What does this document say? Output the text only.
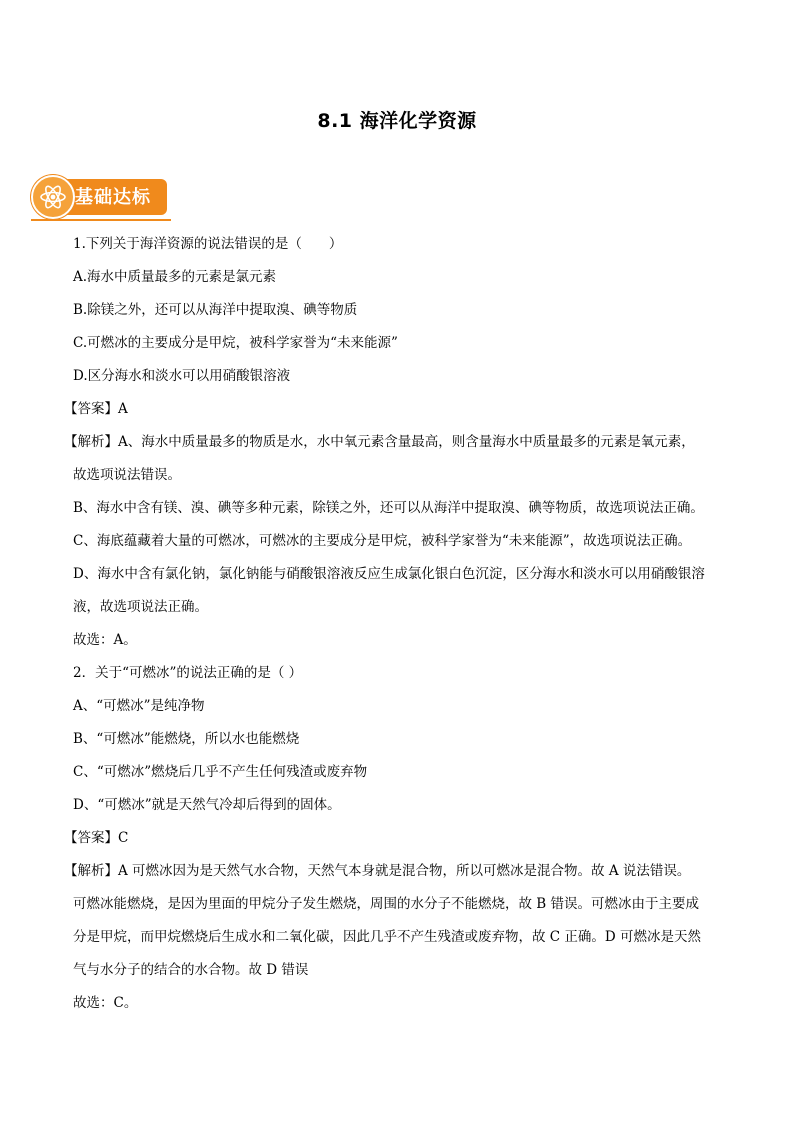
8.1 海洋化学资源
基础达标

1.下列关于海洋资源的说法错误的是（　　）

A.海水中质量最多的元素是氯元素

B.除镁之外，还可以从海洋中提取溴、碘等物质

C.可燃冰的主要成分是甲烷，被科学家誉为“未来能源”

D.区分海水和淡水可以用硝酸银溶液

【答案】A

【解析】A、海水中质量最多的物质是水，水中氧元素含量最高，则含量海水中质量最多的元素是氧元素，

故选项说法错误。

B、海水中含有镁、溴、碘等多种元素，除镁之外，还可以从海洋中提取溴、碘等物质，故选项说法正确。

C、海底蕴藏着大量的可燃冰，可燃冰的主要成分是甲烷，被科学家誉为“未来能源”，故选项说法正确。

D、海水中含有氯化钠，氯化钠能与硝酸银溶液反应生成氯化银白色沉淀，区分海水和淡水可以用硝酸银溶

液，故选项说法正确。

故选：A。

2．关于“可燃冰”的说法正确的是（ ）

A、“可燃冰”是纯净物

B、“可燃冰”能燃烧，所以水也能燃烧

C、“可燃冰”燃烧后几乎不产生任何残渣或废弃物

D、“可燃冰”就是天然气冷却后得到的固体。

【答案】C

【解析】A 可燃冰因为是天然气水合物，天然气本身就是混合物，所以可燃冰是混合物。故 A 说法错误。

可燃冰能燃烧，是因为里面的甲烷分子发生燃烧，周围的水分子不能燃烧，故 B 错误。可燃冰由于主要成

分是甲烷，而甲烷燃烧后生成水和二氧化碳，因此几乎不产生残渣或废弃物，故 C 正确。D 可燃冰是天然

气与水分子的结合的水合物。故 D 错误

故选：C。
